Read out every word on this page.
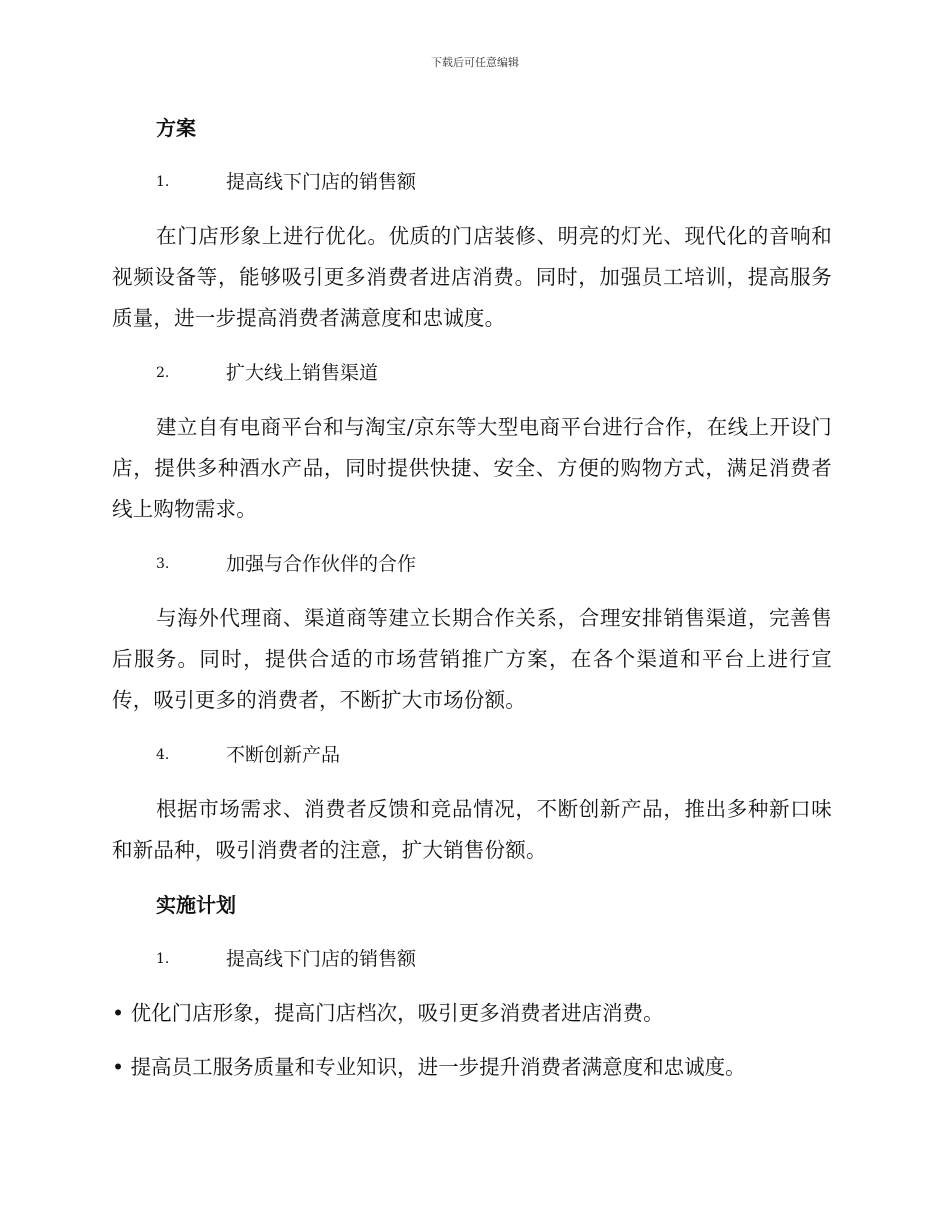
下载后可任意编辑
方案
1.	提高线下门店的销售额

在门店形象上进行优化。优质的门店装修、明亮的灯光、现代化的音响和视频设备等，能够吸引更多消费者进店消费。同时，加强员工培训，提高服务质量，进一步提高消费者满意度和忠诚度。

2.	扩大线上销售渠道

建立自有电商平台和与淘宝/京东等大型电商平台进行合作，在线上开设门店，提供多种酒水产品，同时提供快捷、安全、方便的购物方式，满足消费者线上购物需求。

3.	加强与合作伙伴的合作

与海外代理商、渠道商等建立长期合作关系，合理安排销售渠道，完善售后服务。同时，提供合适的市场营销推广方案，在各个渠道和平台上进行宣传，吸引更多的消费者，不断扩大市场份额。

4.	不断创新产品

根据市场需求、消费者反馈和竞品情况，不断创新产品，推出多种新口味和新品种，吸引消费者的注意，扩大销售份额。

实施计划
1.	提高线下门店的销售额

• 优化门店形象，提高门店档次，吸引更多消费者进店消费。

• 提高员工服务质量和专业知识，进一步提升消费者满意度和忠诚度。
